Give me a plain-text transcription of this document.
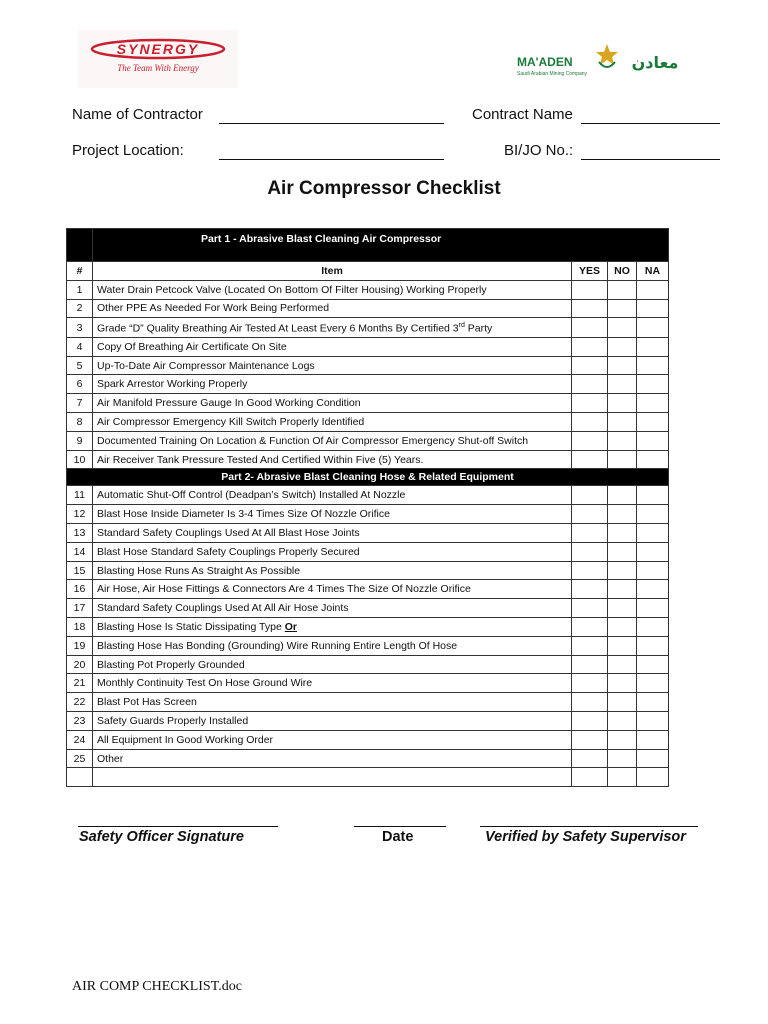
SYNERGY
The Team With Energy	MA'ADEN	معادن
Saudi Arabian Mining Company
Name of Contractor	Contract Name
Project Location:	BI/JO No.:
Air Compressor Checklist
	Part 1 - Abrasive Blast Cleaning Air Compressor			
#	Item	YES	NO	NA
1	Water Drain Petcock Valve (Located On Bottom Of Filter Housing) Working Properly			
2	Other PPE As Needed For Work Being Performed			
3	Grade “D” Quality Breathing Air Tested At Least Every 6 Months By Certified 3rd Party			
4	Copy Of Breathing Air Certificate On Site			
5	Up-To-Date Air Compressor Maintenance Logs			
6	Spark Arrestor Working Properly			
7	Air Manifold Pressure Gauge In Good Working Condition			
8	Air Compressor Emergency Kill Switch Properly Identified			
9	Documented Training On Location & Function Of Air Compressor Emergency Shut-off Switch			
10	Air Receiver Tank Pressure Tested And Certified Within Five (5) Years.			
Part 2- Abrasive Blast Cleaning Hose & Related Equipment				
11	Automatic Shut-Off Control (Deadpan’s Switch) Installed At Nozzle			
12	Blast Hose Inside Diameter Is 3-4 Times Size Of Nozzle Orifice			
13	Standard Safety Couplings Used At All Blast Hose Joints			
14	Blast Hose Standard Safety Couplings Properly Secured			
15	Blasting Hose Runs As Straight As Possible			
16	Air Hose, Air Hose Fittings & Connectors Are 4 Times The Size Of Nozzle Orifice			
17	Standard Safety Couplings Used At All Air Hose Joints			
18	Blasting Hose Is Static Dissipating Type Or			
19	Blasting Hose Has Bonding (Grounding) Wire Running Entire Length Of Hose			
20	Blasting Pot Properly Grounded			
21	Monthly Continuity Test On Hose Ground Wire			
22	Blast Pot Has Screen			
23	Safety Guards Properly Installed			
24	All Equipment In Good Working Order			
25	Other			

Safety Officer Signature	Date	Verified by Safety Supervisor
AIR COMP CHECKLIST.doc
